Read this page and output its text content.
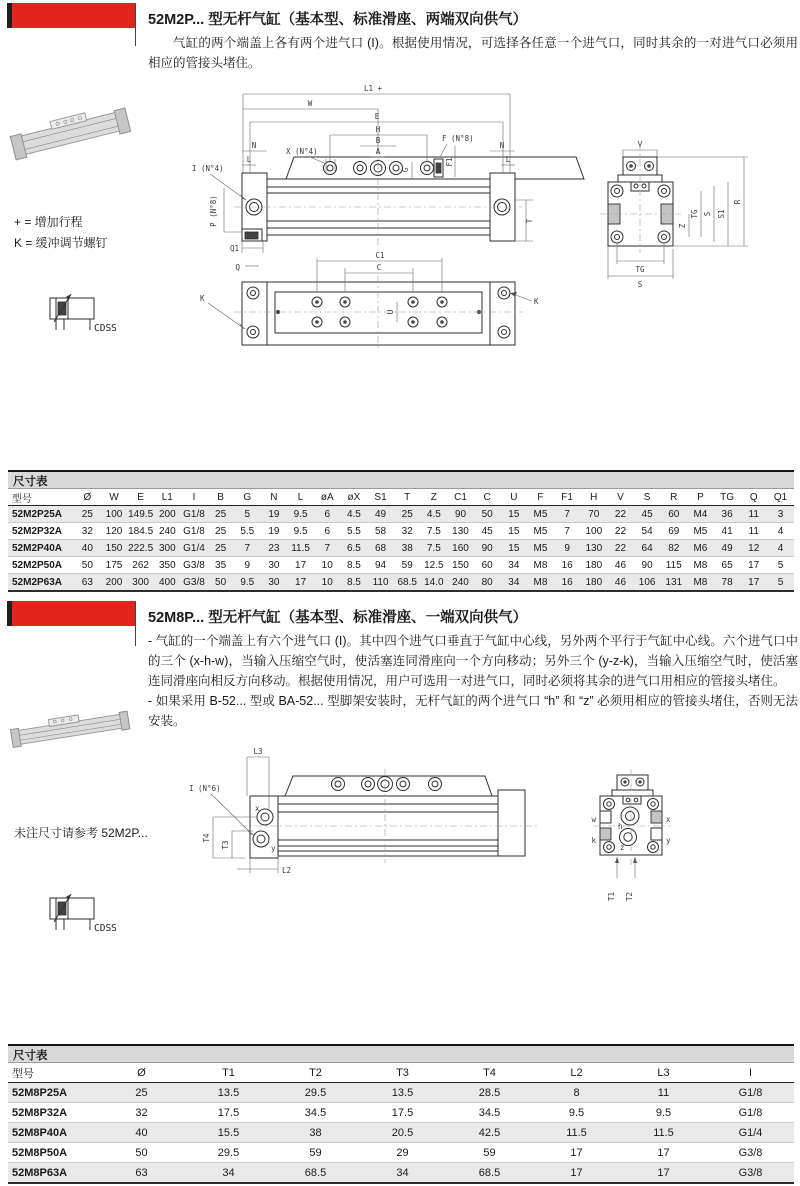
52M2P... 型无杆气缸（基本型、标准滑座、两端双向供气）

气缸的两个端盖上各有两个进气口 (I)。根据使用情况，可选择各任意一个进气口，同时其余的一对进气口必须用相应的管接头堵住。

+ = 增加行程
K = 缓冲调节螺钉
CDSS
L1 +
W
E
H
B
A
X (N°4)
G
F (N°8)
F1
N	N
L	L
I (N°4)
P (N°8)
Q1
Q
T
C1
C
U
K	K
V
Z
TG S S1
R
TG
S
尺寸表
型号	Ø	W	E	L1	I	B	G	N	L	øA	øX	S1	T	Z	C1	C	U	F	F1	H	V	S	R	P	TG	Q	Q1
52M2P25A	25	100	149.5	200	G1/8	25	5	19	9.5	6	4.5	49	25	4.5	90	50	15	M5	7	70	22	45	60	M4	36	11	3
52M2P32A	32	120	184.5	240	G1/8	25	5.5	19	9.5	6	5.5	58	32	7.5	130	45	15	M5	7	100	22	54	69	M5	41	11	4
52M2P40A	40	150	222.5	300	G1/4	25	7	23	11.5	7	6.5	68	38	7.5	160	90	15	M5	9	130	22	64	82	M6	49	12	4
52M2P50A	50	175	262	350	G3/8	35	9	30	17	10	8.5	94	59	12.5	150	60	34	M8	16	180	46	90	115	M8	65	17	5
52M2P63A	63	200	300	400	G3/8	50	9.5	30	17	10	8.5	110	68.5	14.0	240	80	34	M8	16	180	46	106	131	M8	78	17	5
52M8P... 型无杆气缸（基本型、标准滑座、一端双向供气）

- 气缸的一个端盖上有六个进气口 (I)。其中四个进气口垂直于气缸中心线，另外两个平行于气缸中心线。六个进气口中的三个 (x-h-w)，当输入压缩空气时，使活塞连同滑座向一个方向移动；另外三个 (y-z-k)，当输入压缩空气时，使活塞连同滑座向相反方向移动。根据使用情况，用户可选用一对进气口，同时必须将其余的进气口用相应的管接头堵住。

- 如果采用 B-52... 型或 BA-52... 型脚架安装时，无杆气缸的两个进气口 “h” 和 “z” 必须用相应的管接头堵住，否则无法安装。

未注尺寸请参考 52M2P...
CDSS
x
y
L3
I (N°6)
T4
T3
L2
h
z
w
k
x
y
T1 T2
尺寸表
型号	Ø	T1	T2	T3	T4	L2	L3	I
52M8P25A	25	13.5	29.5	13.5	28.5	8	11	G1/8
52M8P32A	32	17.5	34.5	17.5	34.5	9.5	9.5	G1/8
52M8P40A	40	15.5	38	20.5	42.5	11.5	11.5	G1/4
52M8P50A	50	29.5	59	29	59	17	17	G3/8
52M8P63A	63	34	68.5	34	68.5	17	17	G3/8
